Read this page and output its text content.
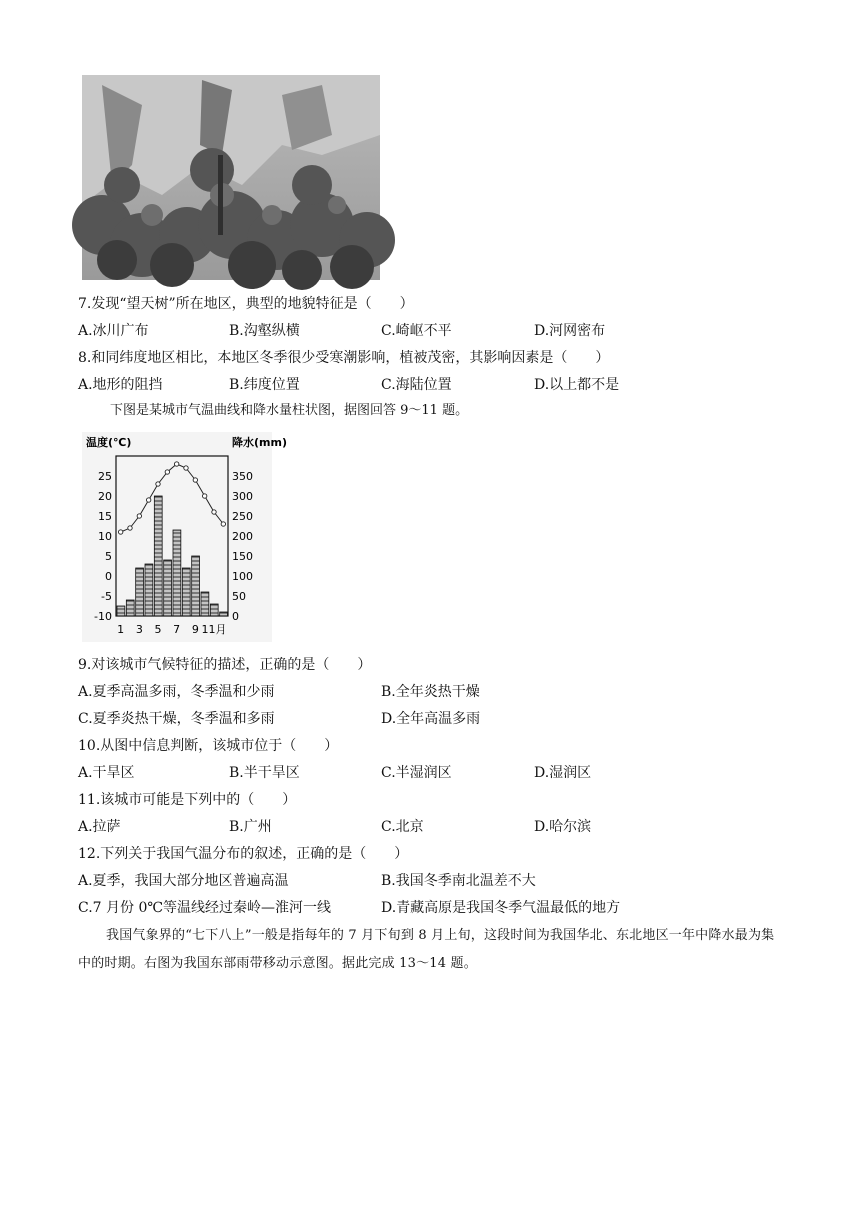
7.发现“望天树”所在地区，典型的地貌特征是（　　）
A.冰川广布	B.沟壑纵横	C.崎岖不平	D.河网密布
8.和同纬度地区相比，本地区冬季很少受寒潮影响，植被茂密，其影响因素是（　　）
A.地形的阻挡	B.纬度位置	C.海陆位置	D.以上都不是
下图是某城市气温曲线和降水量柱状图，据图回答 9～11 题。
温度(℃)	降水(mm)
25
20
15
10
5
0
-5
-10
350
300
250
200
150
100
50
0
1 3 5 7 9 11月
9.对该城市气候特征的描述，正确的是（　　）
A.夏季高温多雨，冬季温和少雨	B.全年炎热干燥
C.夏季炎热干燥，冬季温和多雨	D.全年高温多雨
10.从图中信息判断，该城市位于（　　）
A.干旱区	B.半干旱区	C.半湿润区	D.湿润区
11.该城市可能是下列中的（　　）
A.拉萨	B.广州	C.北京	D.哈尔滨
12.下列关于我国气温分布的叙述，正确的是（　　）
A.夏季，我国大部分地区普遍高温	B.我国冬季南北温差不大
C.7 月份 0℃等温线经过秦岭—淮河一线	D.青藏高原是我国冬季气温最低的地方
我国气象界的“七下八上”一般是指每年的 7 月下旬到 8 月上旬，这段时间为我国华北、东北地区一年中降水最为集中的时期。右图为我国东部雨带移动示意图。据此完成 13～14 题。
